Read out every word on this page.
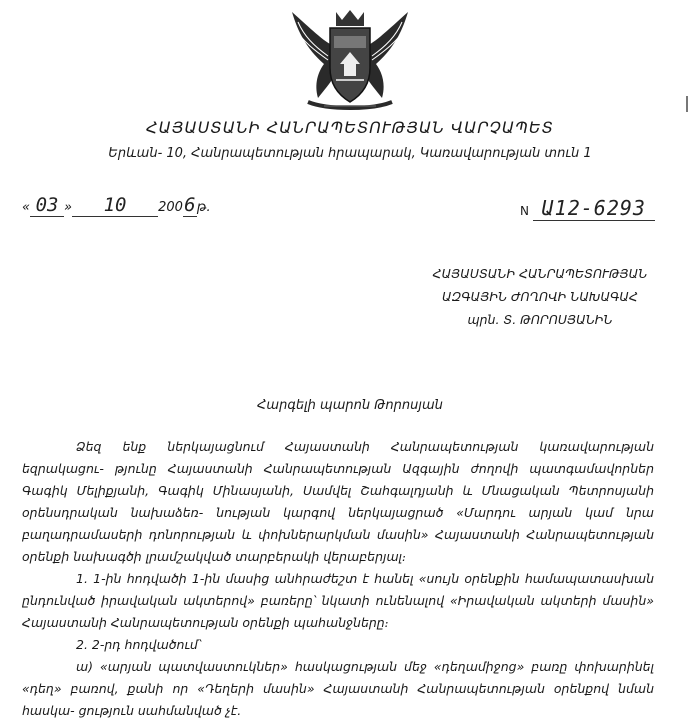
ՀԱՅԱՍՏԱՆԻ ՀԱՆՐԱՊԵՏՈՒԹՅԱՆ ՎԱՐՉԱՊԵՏ
Երևան- 10, Հանրապետության հրապարակ, Կառավարության տուն 1
« 03 » 10 2006թ.	N Ա12-6293
ՀԱՅԱՍՏԱՆԻ ՀԱՆՐԱՊԵՏՈՒԹՅԱՆ
ԱԶԳԱՅԻՆ ԺՈՂՈՎԻ ՆԱԽԱԳԱՀ
պրն. Տ. ԹՈՐՈՍՅԱՆԻՆ
Հարգելի պարոն Թորոսյան

Ձեզ ենք ներկայացնում Հայաստանի Հանրապետության կառավարության եզրակացու- թյունը Հայաստանի Հանրապետության Ազգային ժողովի պատգամավորներ Գագիկ Մելիքյանի, Գագիկ Մինասյանի, Սամվել Շահգալդյանի և Մնացական Պետրոսյանի օրենսդրական նախաձեռ- նության կարգով ներկայացրած «Մարդու արյան կամ նրա բաղադրամասերի դոնորության և փոխներարկման մասին» Հայաստանի Հանրապետության օրենքի նախագծի լրամշակված տարբերակի վերաբերյալ։

1. 1-ին հոդվածի 1-ին մասից անհրաժեշտ է հանել «սույն օրենքին համապատասխան ընդունված իրավական ակտերով» բառերը՝ նկատի ունենալով «Իրավական ակտերի մասին» Հայաստանի Հանրապետության օրենքի պահանջները։

2. 2-րդ հոդվածում՝

ա) «արյան պատվաստուկներ» հասկացության մեջ «դեղամիջոց» բառը փոխարինել «դեղ» բառով, քանի որ «Դեղերի մասին» Հայաստանի Հանրապետության օրենքով նման հասկա- ցություն սահմանված չէ.
